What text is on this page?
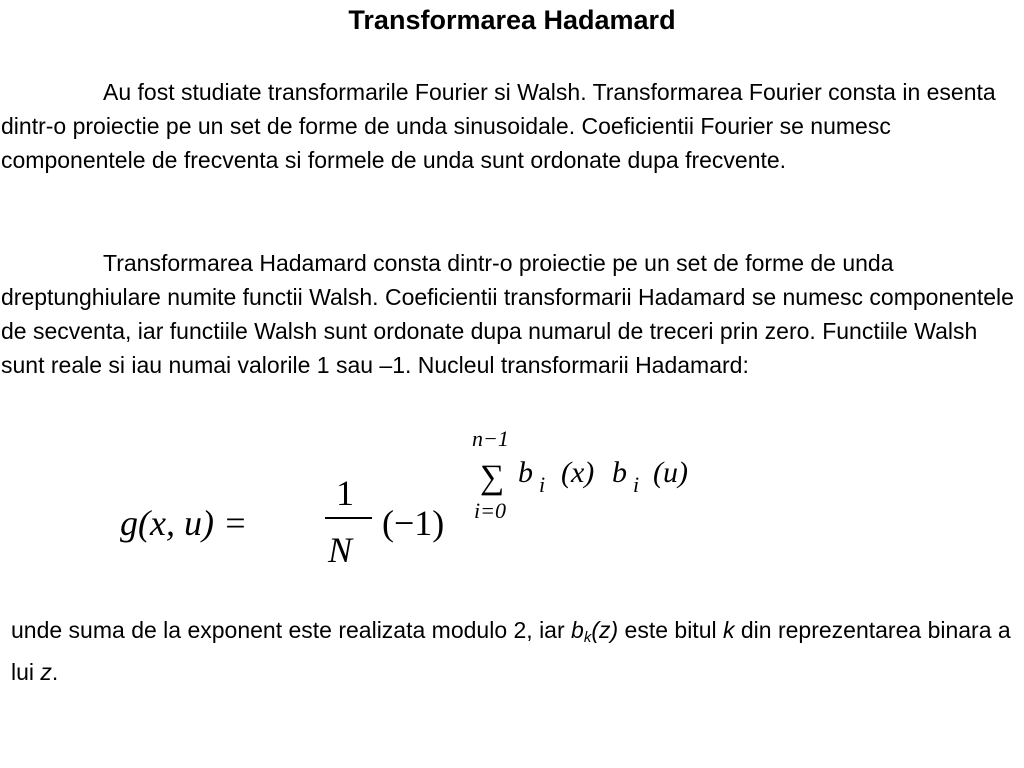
Transformarea Hadamard

Au fost studiate transformarile Fourier si Walsh. Transformarea Fourier consta in esenta dintr-o proiectie pe un set de forme de unda sinusoidale. Coeficientii Fourier se numesc componentele de frecventa si formele de unda sunt ordonate dupa frecvente.

Transformarea Hadamard consta dintr-o proiectie pe un set de forme de unda dreptunghiulare numite functii Walsh. Coeficientii transformarii Hadamard se numesc componentele de secventa, iar functiile Walsh sunt ordonate dupa numarul de treceri prin zero. Functiile Walsh sunt reale si iau numai valorile 1 sau –1. Nucleul transformarii Hadamard:

g(x, u) =
1
N
(−1)
n−1
∑
i=0
b i (x) b i (u)
unde suma de la exponent este realizata modulo 2, iar $b_k(z)$ este bitul k din reprezentarea binara a lui z.
